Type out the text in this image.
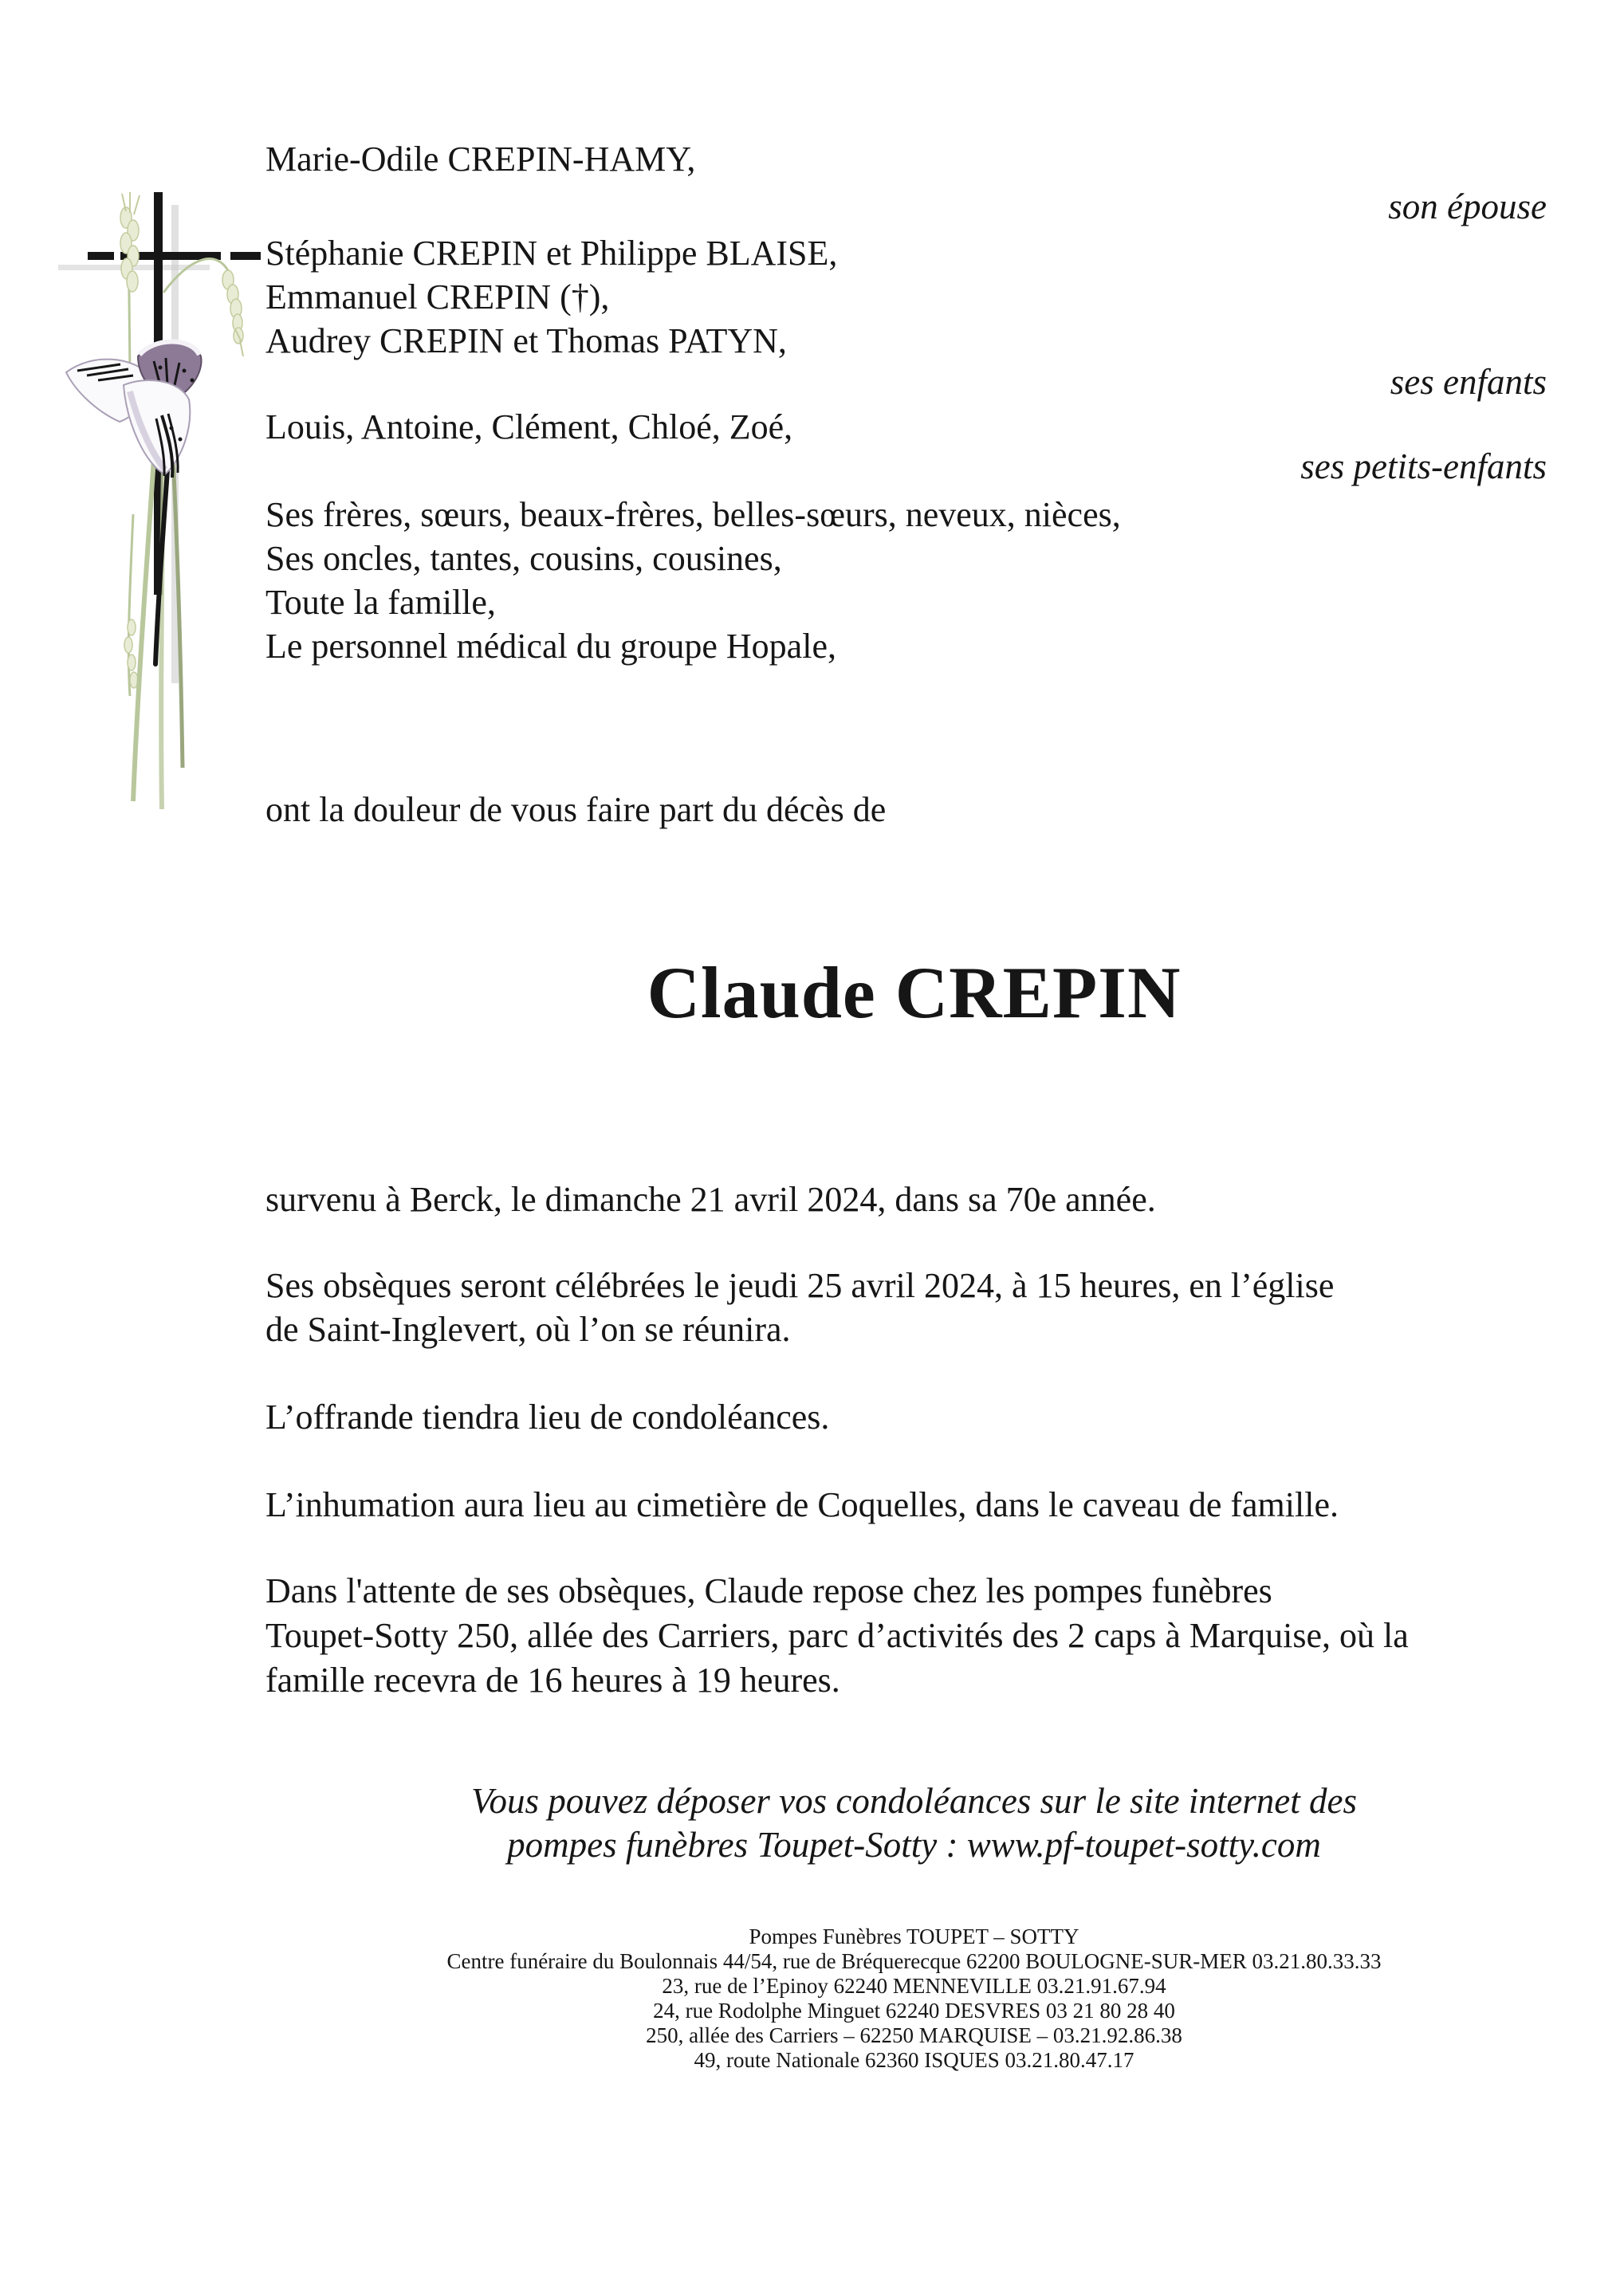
Marie-Odile CREPIN-HAMY,
son épouse
Stéphanie CREPIN et Philippe BLAISE,
Emmanuel CREPIN (†),
Audrey CREPIN et Thomas PATYN,
ses enfants
Louis, Antoine, Clément, Chloé, Zoé,
ses petits-enfants
Ses frères, sœurs, beaux-frères, belles-sœurs, neveux, nièces,
Ses oncles, tantes, cousins, cousines,
Toute la famille,
Le personnel médical du groupe Hopale,
ont la douleur de vous faire part du décès de
Claude CREPIN
survenu à Berck, le dimanche 21 avril 2024, dans sa 70e année.
Ses obsèques seront célébrées le jeudi 25 avril 2024, à 15 heures, en l’église
de Saint-Inglevert, où l’on se réunira.
L’offrande tiendra lieu de condoléances.
L’inhumation aura lieu au cimetière de Coquelles, dans le caveau de famille.
Dans l'attente de ses obsèques, Claude repose chez les pompes funèbres
Toupet-Sotty 250, allée des Carriers, parc d’activités des 2 caps à Marquise, où la
famille recevra de 16 heures à 19 heures.
Vous pouvez déposer vos condoléances sur le site internet des
pompes funèbres Toupet-Sotty : www.pf-toupet-sotty.com
Pompes Funèbres TOUPET – SOTTY
Centre funéraire du Boulonnais 44/54, rue de Bréquerecque 62200 BOULOGNE-SUR-MER 03.21.80.33.33
23, rue de l’Epinoy 62240 MENNEVILLE 03.21.91.67.94
24, rue Rodolphe Minguet 62240 DESVRES 03 21 80 28 40
250, allée des Carriers – 62250 MARQUISE – 03.21.92.86.38
49, route Nationale 62360 ISQUES 03.21.80.47.17
